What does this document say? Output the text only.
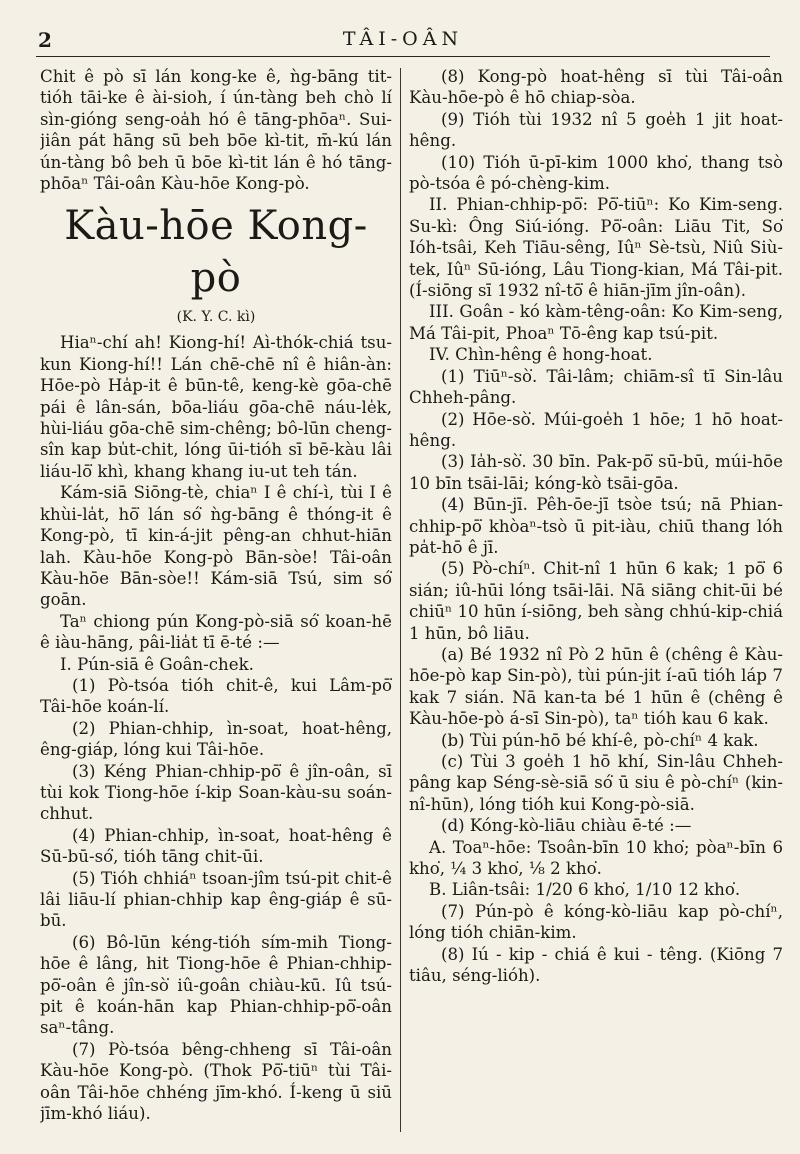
2	TÂI-OÂN

Chit ê pò sī lán kong-ke ê, ǹg-bāng tit-tióh tāi-ke ê ài-sioh, í ún-tàng beh chò lí sìn-gióng seng-oa̍h hó ê tāng-phōaⁿ. Sui-jiân pát hāng sū beh bōe kì-tit, m̄-kú lán ún-tàng bô beh ū bōe kì-tit lán ê hó tāng-phōaⁿ Tâi-oân Kàu-hōe Kong-pò.

Kàu-hōe Kong-pò
(K. Y. C. kì)

Hiaⁿ-chí ah! Kiong-hí! Aì-thók-chiá tsu-kun Kiong-hí!! Lán chē-chē nî ê hiân-àn: Hōe-pò Ha̍p-it ê būn-tê, keng-kè gōa-chē pái ê lân-sán, bōa-liáu gōa-chē náu-le̍k, hùi-liáu gōa-chē sim-chêng; bô-lūn cheng-sîn kap bu̍t-chit, lóng ūi-tióh sī bē-kàu lâi liáu-lō͘ khì, khang khang iu-ut teh tán.

Kám-siā Siōng-tè, chiaⁿ I ê chí-ì, tùi I ê khùi-la̍t, hō͘ lán só͘ ǹg-bāng ê thóng-it ê Kong-pò, tī kin-á-jit pêng-an chhut-hiān lah. Kàu-hōe Kong-pò Bān-sòe! Tâi-oân Kàu-hōe Bān-sòe!! Kám-siā Tsú, sim só͘ goān.

Taⁿ chiong pún Kong-pò-siā só͘ koan-hē ê iàu-hāng, pâi-lia̍t tī ē-té :—

I. Pún-siā ê Goân-chek.

(1) Pò-tsóa tióh chit-ê, kui Lâm-pō͘ Tâi-hōe koán-lí.

(2) Phian-chhip, ìn-soat, hoat-hêng, êng-giáp, lóng kui Tâi-hōe.

(3) Kéng Phian-chhip-pō͘ ê jîn-oân, sī tùi kok Tiong-hōe í-kip Soan-kàu-su soán-chhut.

(4) Phian-chhip, ìn-soat, hoat-hêng ê Sū-bū-só͘, tióh tāng chit-ūi.

(5) Tióh chhiáⁿ tsoan-jîm tsú-pit chit-ê lâi liāu-lí phian-chhip kap êng-giáp ê sū-bū.

(6) Bô-lūn kéng-tióh sím-mih Tiong-hōe ê lâng, hit Tiong-hōe ê Phian-chhip-pō͘-oân ê jîn-sò͘ iû-goân chiàu-kū. Iû tsú-pit ê koán-hān kap Phian-chhip-pō͘-oân saⁿ-tâng.

(7) Pò-tsóa bêng-chheng sī Tâi-oân Kàu-hōe Kong-pò. (Thok Pō͘-tiūⁿ tùi Tâi-oân Tâi-hōe chhéng jīm-khó. Í-keng ū siū jīm-khó liáu).

(8) Kong-pò hoat-hêng sī tùi Tâi-oân Kàu-hōe-pò ê hō chiap-sòa.

(9) Tióh tùi 1932 nî 5 goe̍h 1 jit hoat-hêng.

(10) Tióh ū-pī-kim 1000 kho͘, thang tsò pò-tsóa ê pó-chèng-kim.

II. Phian-chhip-pō͘: Pō͘-tiūⁿ: Ko Kim-seng. Su-kì: Ông Siú-ióng. Pō͘-oân: Liāu Tit, So͘ Ióh-tsâi, Keh Tiāu-sêng, Iûⁿ Sè-tsù, Niû Siù-tek, Iûⁿ Sū-ióng, Lâu Tiong-kian, Má Tâi-pit. (Í-siōng sī 1932 nî-tō͘ ê hiān-jīm jîn-oân).

III. Goân - kó kàm-têng-oân: Ko Kim-seng, Má Tâi-pit, Phoaⁿ Tō-êng kap tsú-pit.

IV. Chìn-hêng ê hong-hoat.

(1) Tiūⁿ-sò͘. Tâi-lâm; chiām-sî tī Sin-lâu Chheh-pâng.

(2) Hōe-sò͘. Múi-goe̍h 1 hōe; 1 hō hoat-hêng.

(3) Ia̍h-sò͘. 30 bīn. Pak-pō͘ sū-bū, múi-hōe 10 bīn tsāi-lāi; kóng-kò tsāi-gōa.

(4) Būn-jī. Pêh-ōe-jī tsòe tsú; nā Phian-chhip-pō͘ khòaⁿ-tsò ū pit-iàu, chiū thang lóh pa̍t-hō ê jī.

(5) Pò-chíⁿ. Chit-nî 1 hūn 6 kak; 1 pō͘ 6 sián; iû-hūi lóng tsāi-lāi. Nā siāng chit-ūi bé chiūⁿ 10 hūn í-siōng, beh sàng chhú-kip-chiá 1 hūn, bô liāu.

(a) Bé 1932 nî Pò 2 hūn ê (chêng ê Kàu-hōe-pò kap Sin-pò), tùi pún-jit í-aū tióh láp 7 kak 7 sián. Nā kan-ta bé 1 hūn ê (chêng ê Kàu-hōe-pò á-sī Sin-pò), taⁿ tióh kau 6 kak.

(b) Tùi pún-hō bé khí-ê, pò-chíⁿ 4 kak.

(c) Tùi 3 goe̍h 1 hō khí, Sin-lâu Chheh-pâng kap Séng-sè-siā só͘ ū siu ê pò-chíⁿ (kin-nî-hūn), lóng tióh kui Kong-pò-siā.

(d) Kóng-kò-liāu chiàu ē-té :—

A. Toaⁿ-hōe: Tsoân-bīn 10 kho͘; pòaⁿ-bīn 6 kho͘, ¼ 3 kho͘, ⅛ 2 kho͘.

B. Liân-tsâi: 1/20 6 kho͘, 1/10 12 kho͘.

(7) Pún-pò ê kóng-kò-liāu kap pò-chíⁿ, lóng tióh chiān-kim.

(8) Iú - kip - chiá ê kui - têng. (Kiōng 7 tiâu, séng-lióh).
